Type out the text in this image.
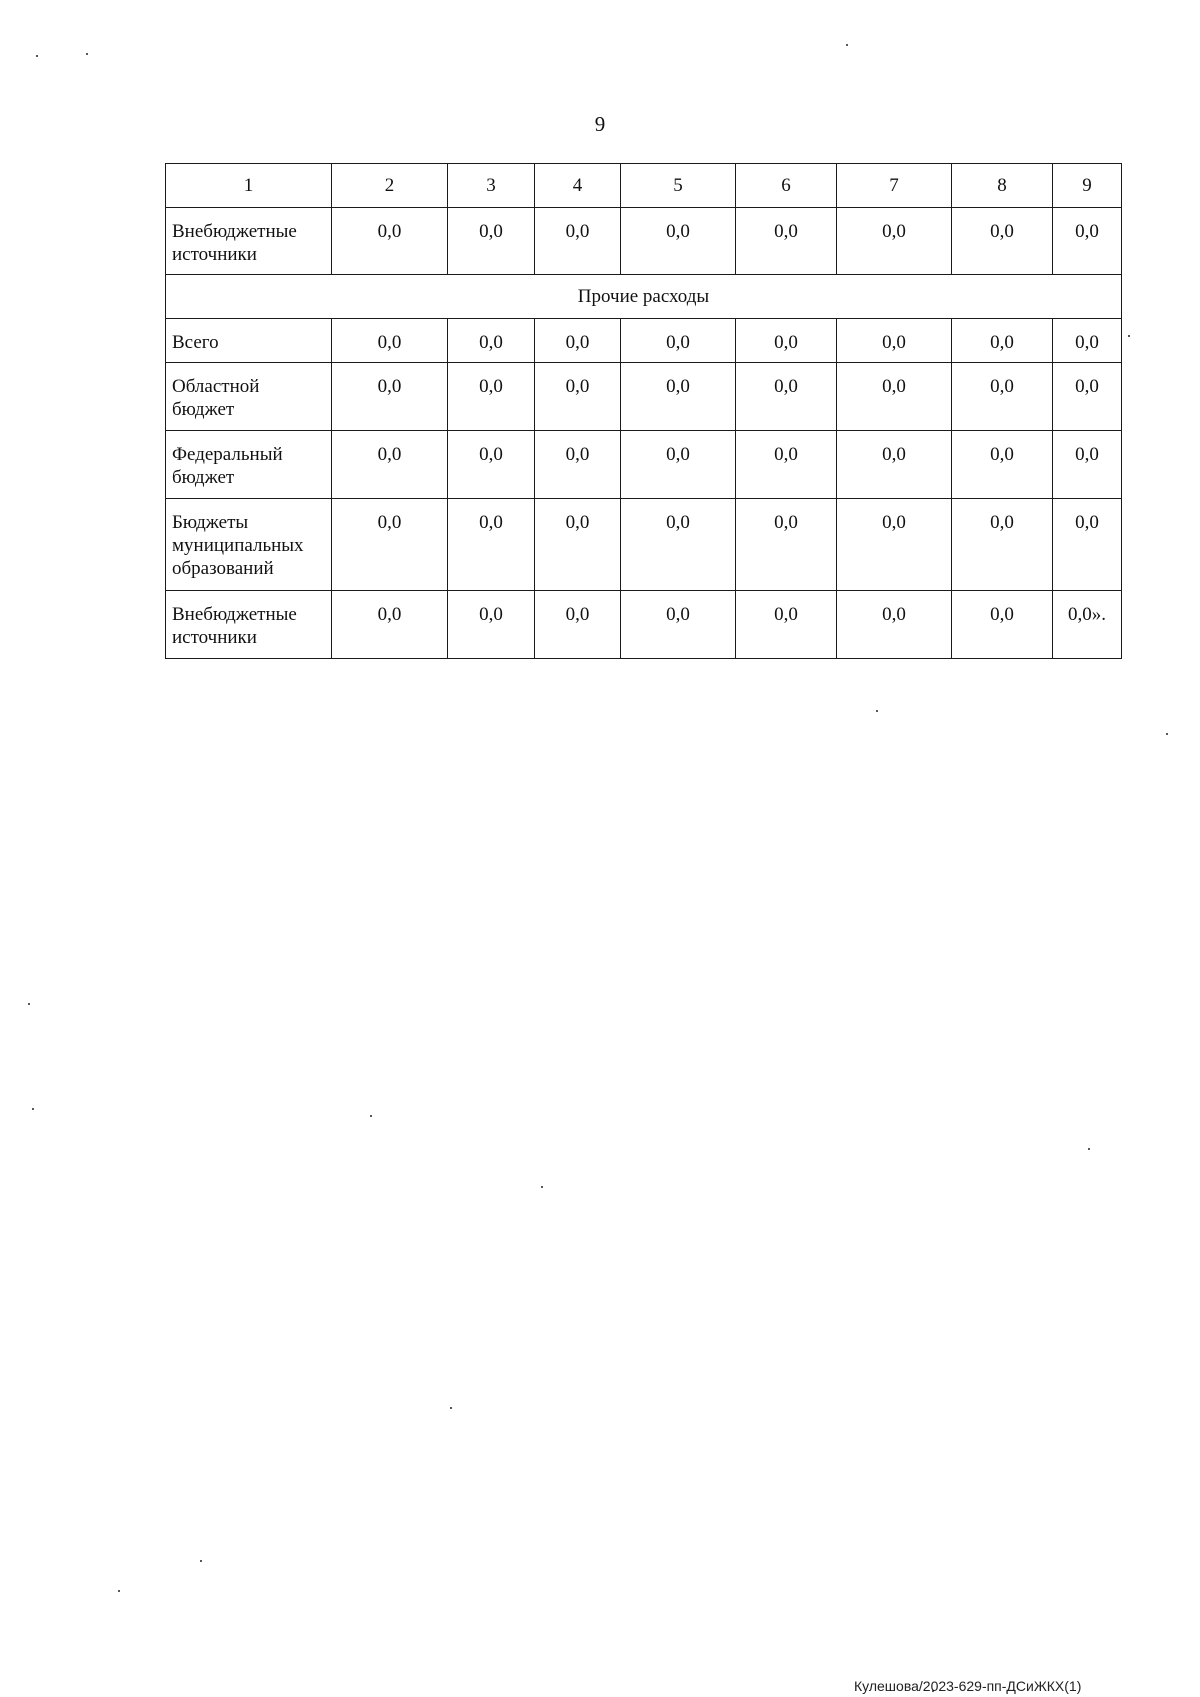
9
1	2	3	4	5	6	7	8	9
Внебюджетные источники	0,0	0,0	0,0	0,0	0,0	0,0	0,0	0,0
Прочие расходы								
Всего	0,0	0,0	0,0	0,0	0,0	0,0	0,0	0,0
Областной бюджет	0,0	0,0	0,0	0,0	0,0	0,0	0,0	0,0
Федеральный бюджет	0,0	0,0	0,0	0,0	0,0	0,0	0,0	0,0
Бюджеты муниципальных образований	0,0	0,0	0,0	0,0	0,0	0,0	0,0	0,0
Внебюджетные источники	0,0	0,0	0,0	0,0	0,0	0,0	0,0	0,0».
Кулешова/2023-629-пп-ДСиЖКХ(1)
